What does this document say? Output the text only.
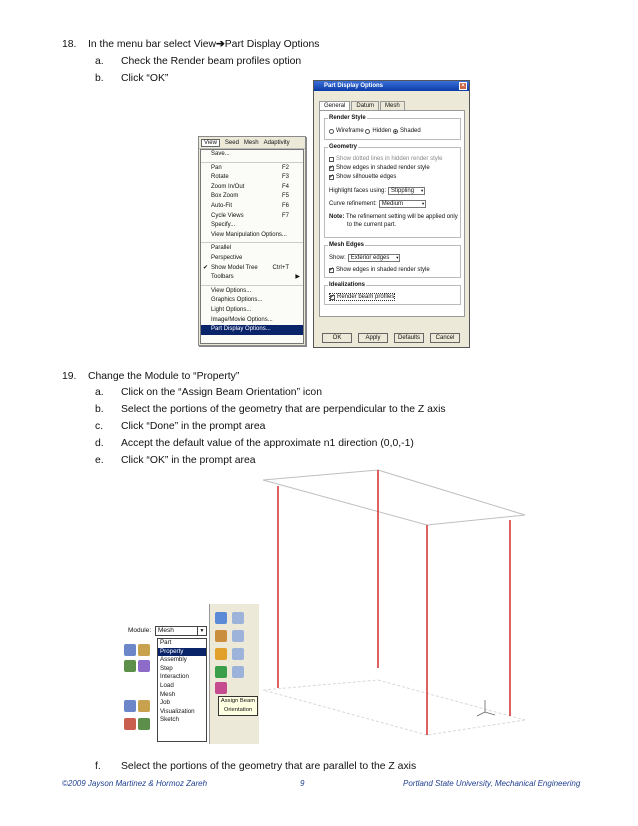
18. In the menu bar select View➔Part Display Options
a. Check the Render beam profiles option
b. Click “OK”
View	Seed Mesh Adaptivity
Save...
Pan	F2
Rotate	F3
Zoom In/Out	F4
Box Zoom	F5
Auto-Fit	F6
Cycle Views	F7
Specify...
View Manipulation Options...
Parallel
Perspective
✔ Show Model Tree Ctrl+T
Toolbars	▶
View Options...
Graphics Options...
Light Options...
Image/Movie Options...
Part Display Options...
Part Display Options	×
General	Datum	Mesh
Render Style
Wireframe
Hidden
Shaded
Geometry
Show dotted lines in hidden render style
✓
Show edges in shaded render style
✓
Show silhouette edges
Highlight faces using: Stippling ▼
Curve refinement: Medium ▼
Note:
The refinement setting will be applied only
to the current part.
Mesh Edges
Show: Exterior edges ▼
✓
Show edges in shaded render style
Idealizations
✓
Render beam profiles
OK	Apply	Defaults	Cancel
19. Change the Module to “Property”
a. Click on the “Assign Beam Orientation” icon
b. Select the portions of the geometry that are perpendicular to the Z axis
c. Click “Done” in the prompt area
d. Accept the default value of the approximate n1 direction (0,0,-1)
e. Click “OK” in the prompt area
Module:	Mesh	▼
Part
Property
Assembly
Step
Interaction
Load
Mesh
Job
Visualization
Sketch
Assign Beam
Orientation
f. Select the portions of the geometry that are parallel to the Z axis
©2009 Jayson Martinez & Hormoz Zareh	9	Portland State University, Mechanical Engineering
